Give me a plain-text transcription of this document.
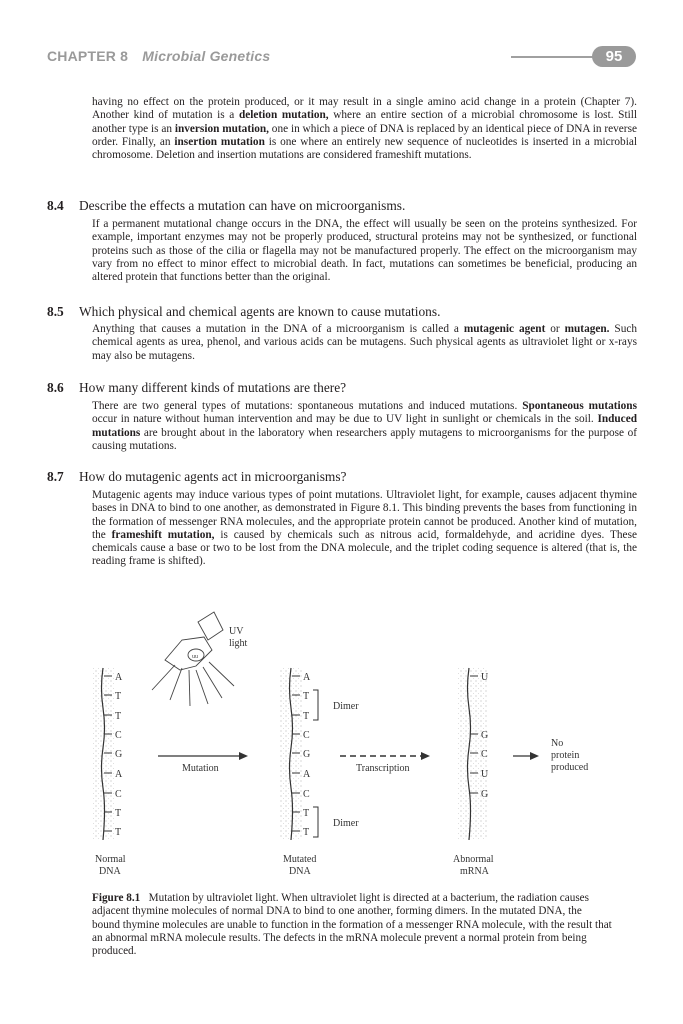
CHAPTER 8 Microbial Genetics	95
having no effect on the protein produced, or it may result in a single amino acid change in a protein (Chapter 7). Another kind of mutation is a deletion mutation, where an entire section of a microbial chromosome is lost. Still another type is an inversion mutation, one in which a piece of DNA is replaced by an identical piece of DNA in reverse order. Finally, an insertion mutation is one where an entirely new sequence of nucleotides is inserted in a microbial chromosome. Deletion and insertion mutations are considered frameshift mutations.
8.4 Describe the effects a mutation can have on microorganisms.
If a permanent mutational change occurs in the DNA, the effect will usually be seen on the proteins synthesized. For example, important enzymes may not be properly produced, structural proteins may not be synthesized, or functional proteins such as those of the cilia or flagella may not be manufactured properly. The effect on the microorganism may vary from no effect to minor effect to microbial death. In fact, mutations can sometimes be beneficial, producing an altered protein that functions better than the original.
8.5 Which physical and chemical agents are known to cause mutations.
Anything that causes a mutation in the DNA of a microorganism is called a mutagenic agent or mutagen. Such chemical agents as urea, phenol, and various acids can be mutagens. Such physical agents as ultraviolet light or x-rays may also be mutagens.
8.6 How many different kinds of mutations are there?
There are two general types of mutations: spontaneous mutations and induced mutations. Spontaneous mutations occur in nature without human intervention and may be due to UV light in sunlight or chemicals in the soil. Induced mutations are brought about in the laboratory when researchers apply mutagens to microorganisms for the purpose of causing mutations.
8.7 How do mutagenic agents act in microorganisms?
Mutagenic agents may induce various types of point mutations. Ultraviolet light, for example, causes adjacent thymine bases in DNA to bind to one another, as demonstrated in Figure 8.1. This binding prevents the bases from functioning in the formation of messenger RNA molecules, and the appropriate protein cannot be produced. Another kind of mutation, the frameshift mutation, is caused by chemicals such as nitrous acid, formaldehyde, and acridine dyes. These chemicals cause a base or two to be lost from the DNA molecule, and the triplet coding sequence is altered (that is, the reading frame is shifted).
uu
UV
light
A
T
T
C
G
A
C
T
T
A
T
T
C
G
A
C
T
T
Dimer
Dimer
U
G
C
U
G
Mutation	Transcription
No
protein
produced
Normal
DNA
Mutated
DNA
Abnormal
mRNA
Figure 8.1 Mutation by ultraviolet light. When ultraviolet light is directed at a bacterium, the radiation causes adjacent thymine molecules of normal DNA to bind to one another, forming dimers. In the mutated DNA, the bound thymine molecules are unable to function in the formation of a messenger RNA molecule, with the result that an abnormal mRNA molecule results. The defects in the mRNA molecule prevent a normal protein from being produced.
